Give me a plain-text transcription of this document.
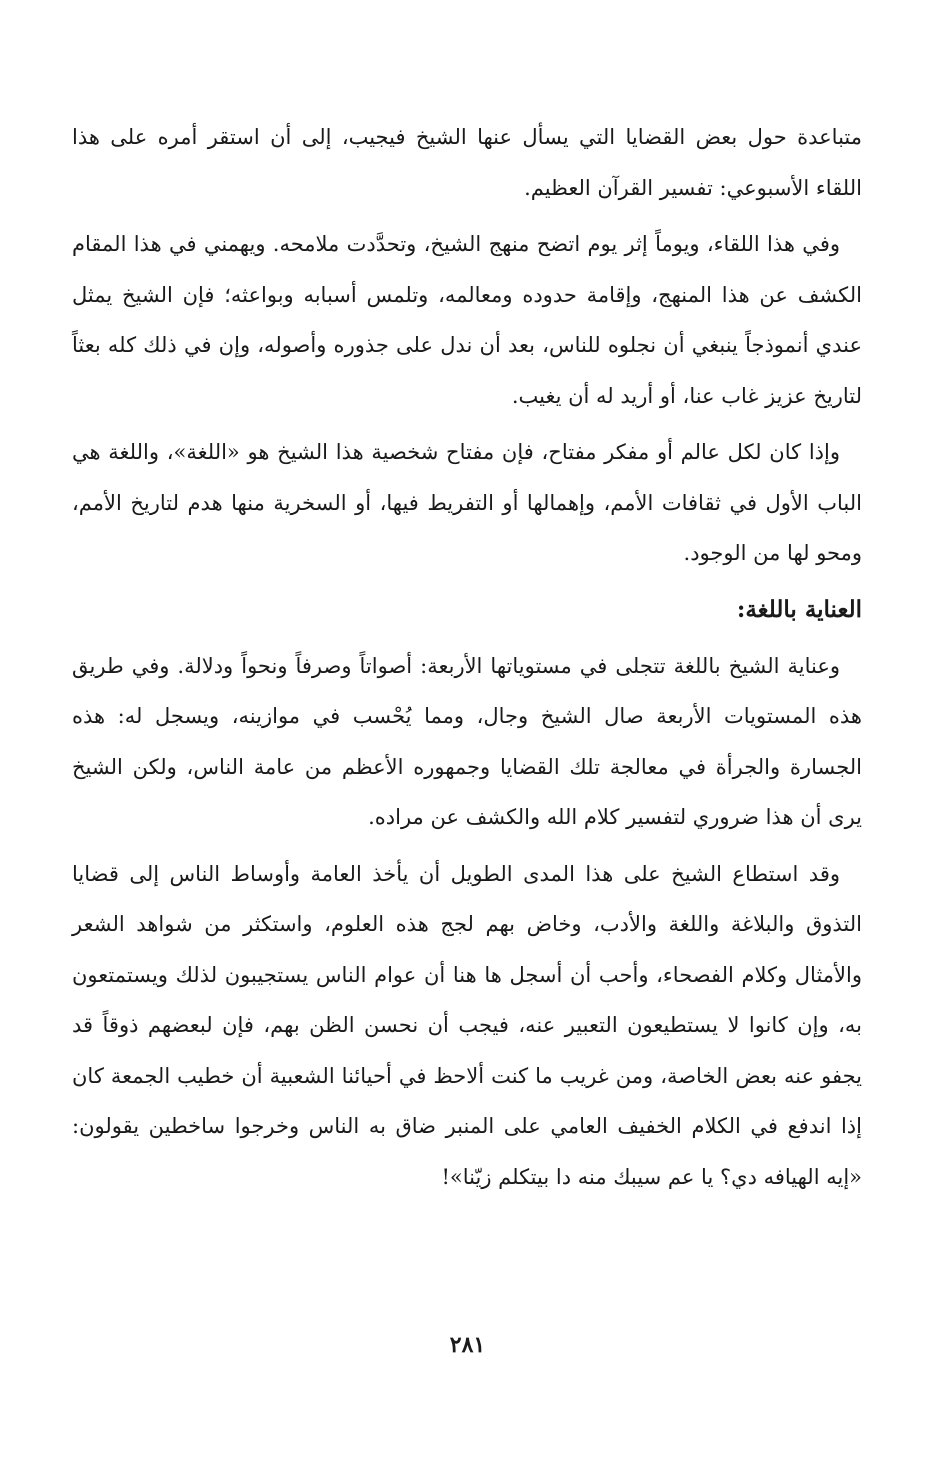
متباعدة حول بعض القضايا التي يسأل عنها الشيخ فيجيب، إلى أن استقر أمره على هذا اللقاء الأسبوعي: تفسير القرآن العظيم.

وفي هذا اللقاء، ويوماً إثر يوم اتضح منهج الشيخ، وتحدَّدت ملامحه. ويهمني في هذا المقام الكشف عن هذا المنهج، وإقامة حدوده ومعالمه، وتلمس أسبابه وبواعثه؛ فإن الشيخ يمثل عندي أنموذجاً ينبغي أن نجلوه للناس، بعد أن ندل على جذوره وأصوله، وإن في ذلك كله بعثاً لتاريخ عزيز غاب عنا، أو أريد له أن يغيب.

وإذا كان لكل عالم أو مفكر مفتاح، فإن مفتاح شخصية هذا الشيخ هو «اللغة»، واللغة هي الباب الأول في ثقافات الأمم، وإهمالها أو التفريط فيها، أو السخرية منها هدم لتاريخ الأمم، ومحو لها من الوجود.

العناية باللغة:

وعناية الشيخ باللغة تتجلى في مستوياتها الأربعة: أصواتاً وصرفاً ونحواً ودلالة. وفي طريق هذه المستويات الأربعة صال الشيخ وجال، ومما يُحْسب في موازينه، ويسجل له: هذه الجسارة والجرأة في معالجة تلك القضايا وجمهوره الأعظم من عامة الناس، ولكن الشيخ يرى أن هذا ضروري لتفسير كلام الله والكشف عن مراده.

وقد استطاع الشيخ على هذا المدى الطويل أن يأخذ العامة وأوساط الناس إلى قضايا التذوق والبلاغة واللغة والأدب، وخاض بهم لجج هذه العلوم، واستكثر من شواهد الشعر والأمثال وكلام الفصحاء، وأحب أن أسجل ها هنا أن عوام الناس يستجيبون لذلك ويستمتعون به، وإن كانوا لا يستطيعون التعبير عنه، فيجب أن نحسن الظن بهم، فإن لبعضهم ذوقاً قد يجفو عنه بعض الخاصة، ومن غريب ما كنت ألاحظ في أحيائنا الشعبية أن خطيب الجمعة كان إذا اندفع في الكلام الخفيف العامي على المنبر ضاق به الناس وخرجوا ساخطين يقولون: «إيه الهيافه دي؟ يا عم سيبك منه دا بيتكلم زيّنا»!

٢٨١
